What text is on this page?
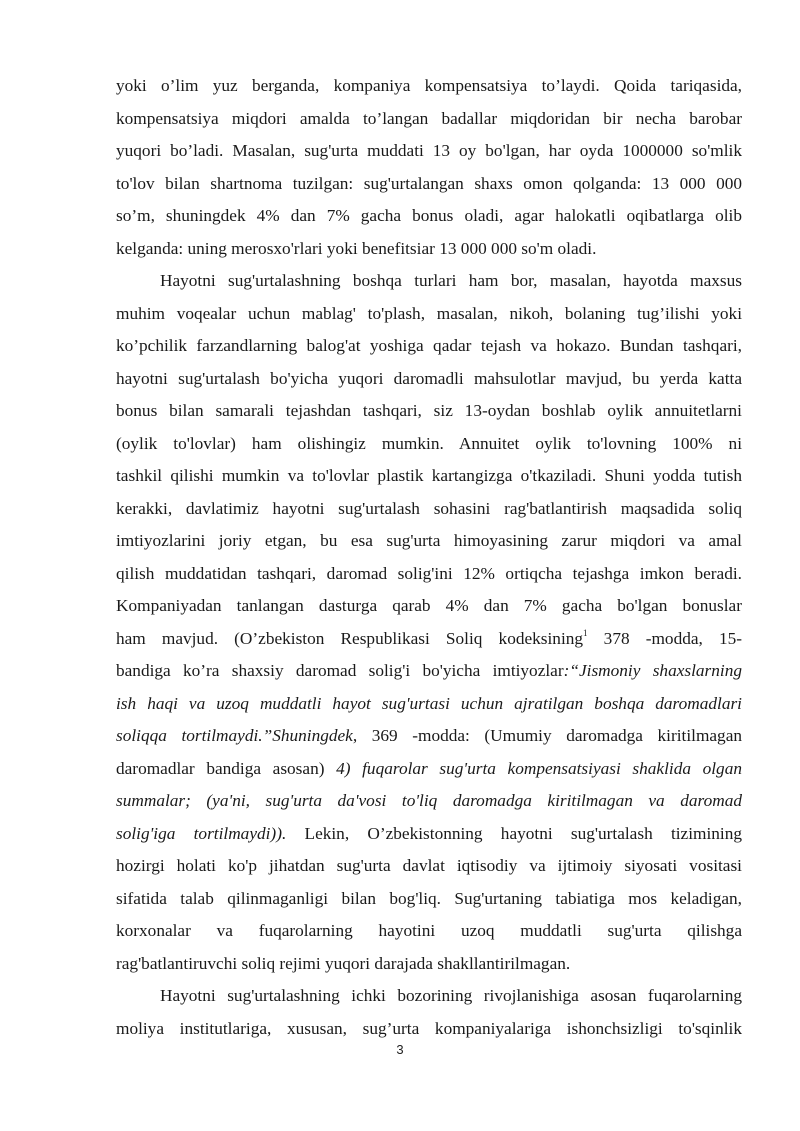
yoki o’lim yuz berganda, kompaniya kompensatsiya to’laydi. Qoida tariqasida,
kompensatsiya miqdori amalda to’langan badallar miqdoridan bir necha barobar
yuqori bo’ladi. Masalan, sug'urta muddati 13 oy bo'lgan, har oyda 1000000 so'mlik
to'lov bilan shartnoma tuzilgan: sug'urtalangan shaxs omon qolganda: 13 000 000
so’m, shuningdek 4% dan 7% gacha bonus oladi, agar halokatli oqibatlarga olib
kelganda: uning merosxo'rlari yoki benefitsiar 13 000 000 so'm oladi.
Hayotni sug'urtalashning boshqa turlari ham bor, masalan, hayotda maxsus
muhim voqealar uchun mablag' to'plash, masalan, nikoh, bolaning tug’ilishi yoki
ko’pchilik farzandlarning balog'at yoshiga qadar tejash va hokazo. Bundan tashqari,
hayotni sug'urtalash bo'yicha yuqori daromadli mahsulotlar mavjud, bu yerda katta
bonus bilan samarali tejashdan tashqari, siz 13-oydan boshlab oylik annuitetlarni
(oylik to'lovlar) ham olishingiz mumkin. Annuitet oylik to'lovning 100% ni
tashkil qilishi mumkin va to'lovlar plastik kartangizga o'tkaziladi. Shuni yodda tutish
kerakki, davlatimiz hayotni sug'urtalash sohasini rag'batlantirish maqsadida soliq
imtiyozlarini joriy etgan, bu esa sug'urta himoyasining zarur miqdori va amal
qilish muddatidan tashqari, daromad solig'ini 12% ortiqcha tejashga imkon beradi.
Kompaniyadan tanlangan dasturga qarab 4% dan 7% gacha bo'lgan bonuslar
ham mavjud. (O’zbekiston Respublikasi Soliq kodeksining$^1$ 378 -modda, 15-
bandiga ko’ra shaxsiy daromad solig'i bo'yicha imtiyozlar:“Jismoniy shaxslarning
ish haqi va uzoq muddatli hayot sug'urtasi uchun ajratilgan boshqa daromadlari
soliqqa tortilmaydi.”Shuningdek, 369 -modda: (Umumiy daromadga kiritilmagan
daromadlar bandiga asosan) 4) fuqarolar sug'urta kompensatsiyasi shaklida olgan
summalar; (ya'ni, sug'urta da'vosi to'liq daromadga kiritilmagan va daromad
solig'iga tortilmaydi)). Lekin, O’zbekistonning hayotni sug'urtalash tizimining
hozirgi holati ko'p jihatdan sug'urta davlat iqtisodiy va ijtimoiy siyosati vositasi
sifatida talab qilinmaganligi bilan bog'liq. Sug'urtaning tabiatiga mos keladigan,
korxonalar va fuqarolarning hayotini uzoq muddatli sug'urta qilishga
rag'batlantiruvchi soliq rejimi yuqori darajada shakllantirilmagan.
Hayotni sug'urtalashning ichki bozorining rivojlanishiga asosan fuqarolarning
moliya institutlariga, xususan, sug’urta kompaniyalariga ishonchsizligi to'sqinlik
3
